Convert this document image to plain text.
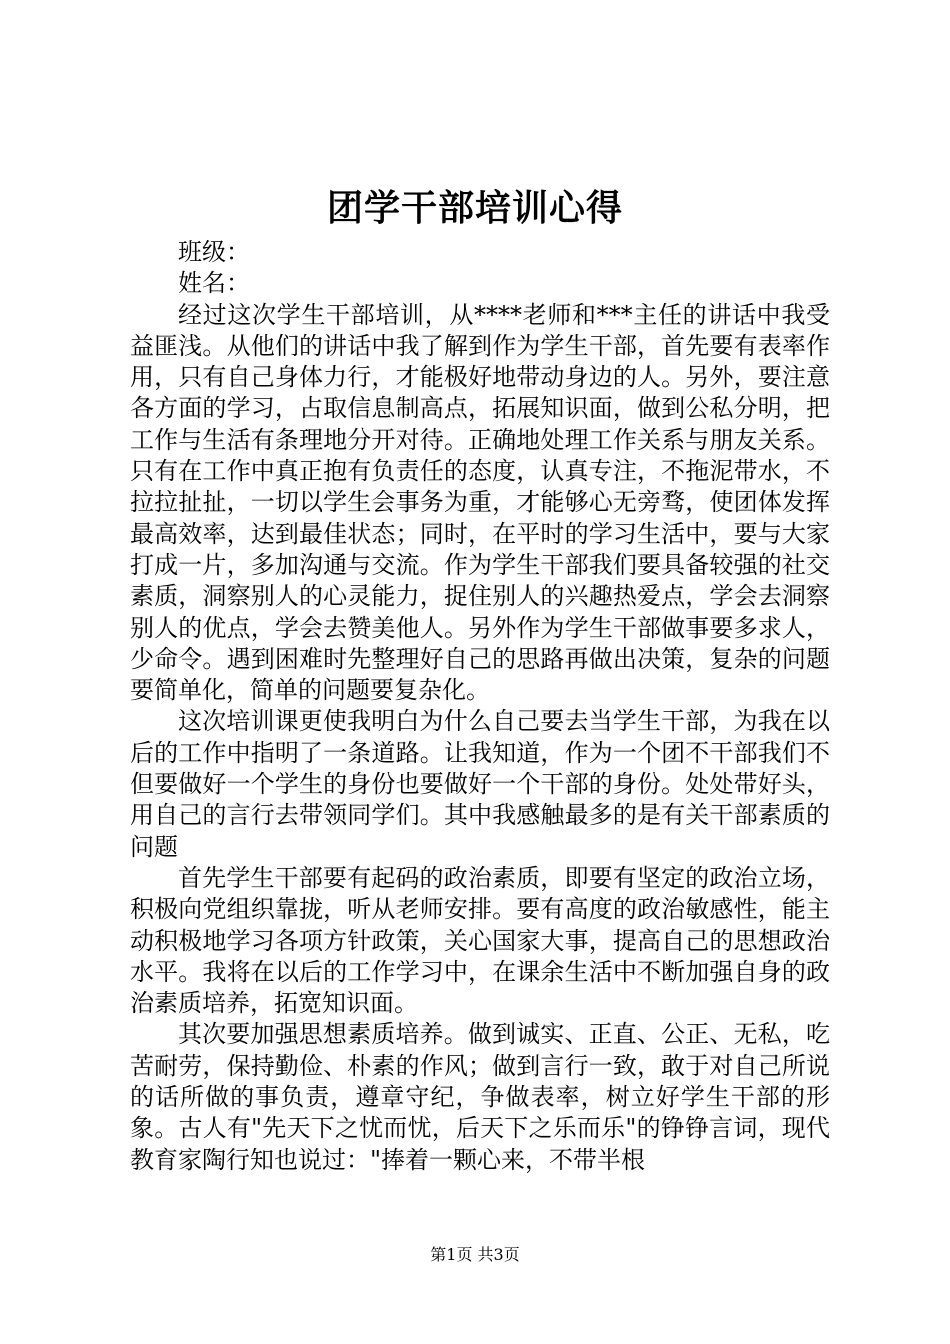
团学干部培训心得

班级：

姓名：

经过这次学生干部培训，从****老师和***主任的讲话中我受益匪浅。从他们的讲话中我了解到作为学生干部，首先要有表率作用，只有自己身体力行，才能极好地带动身边的人。另外，要注意各方面的学习，占取信息制高点，拓展知识面，做到公私分明，把工作与生活有条理地分开对待。正确地处理工作关系与朋友关系。只有在工作中真正抱有负责任的态度，认真专注，不拖泥带水，不拉拉扯扯，一切以学生会事务为重，才能够心无旁骛，使团体发挥最高效率，达到最佳状态；同时，在平时的学习生活中，要与大家打成一片，多加沟通与交流。作为学生干部我们要具备较强的社交素质，洞察别人的心灵能力，捉住别人的兴趣热爱点，学会去洞察别人的优点，学会去赞美他人。另外作为学生干部做事要多求人，少命令。遇到困难时先整理好自己的思路再做出决策，复杂的问题要简单化，简单的问题要复杂化。

这次培训课更使我明白为什么自己要去当学生干部，为我在以后的工作中指明了一条道路。让我知道，作为一个团不干部我们不但要做好一个学生的身份也要做好一个干部的身份。处处带好头，用自己的言行去带领同学们。其中我感触最多的是有关干部素质的问题

首先学生干部要有起码的政治素质，即要有坚定的政治立场，积极向党组织靠拢，听从老师安排。要有高度的政治敏感性，能主动积极地学习各项方针政策，关心国家大事，提高自己的思想政治水平。我将在以后的工作学习中，在课余生活中不断加强自身的政治素质培养，拓宽知识面。

其次要加强思想素质培养。做到诚实、正直、公正、无私，吃苦耐劳，保持勤俭、朴素的作风；做到言行一致，敢于对自己所说的话所做的事负责，遵章守纪，争做表率，树立好学生干部的形象。古人有"先天下之忧而忧，后天下之乐而乐"的铮铮言词，现代教育家陶行知也说过："捧着一颗心来，不带半根

第1页 共3页
